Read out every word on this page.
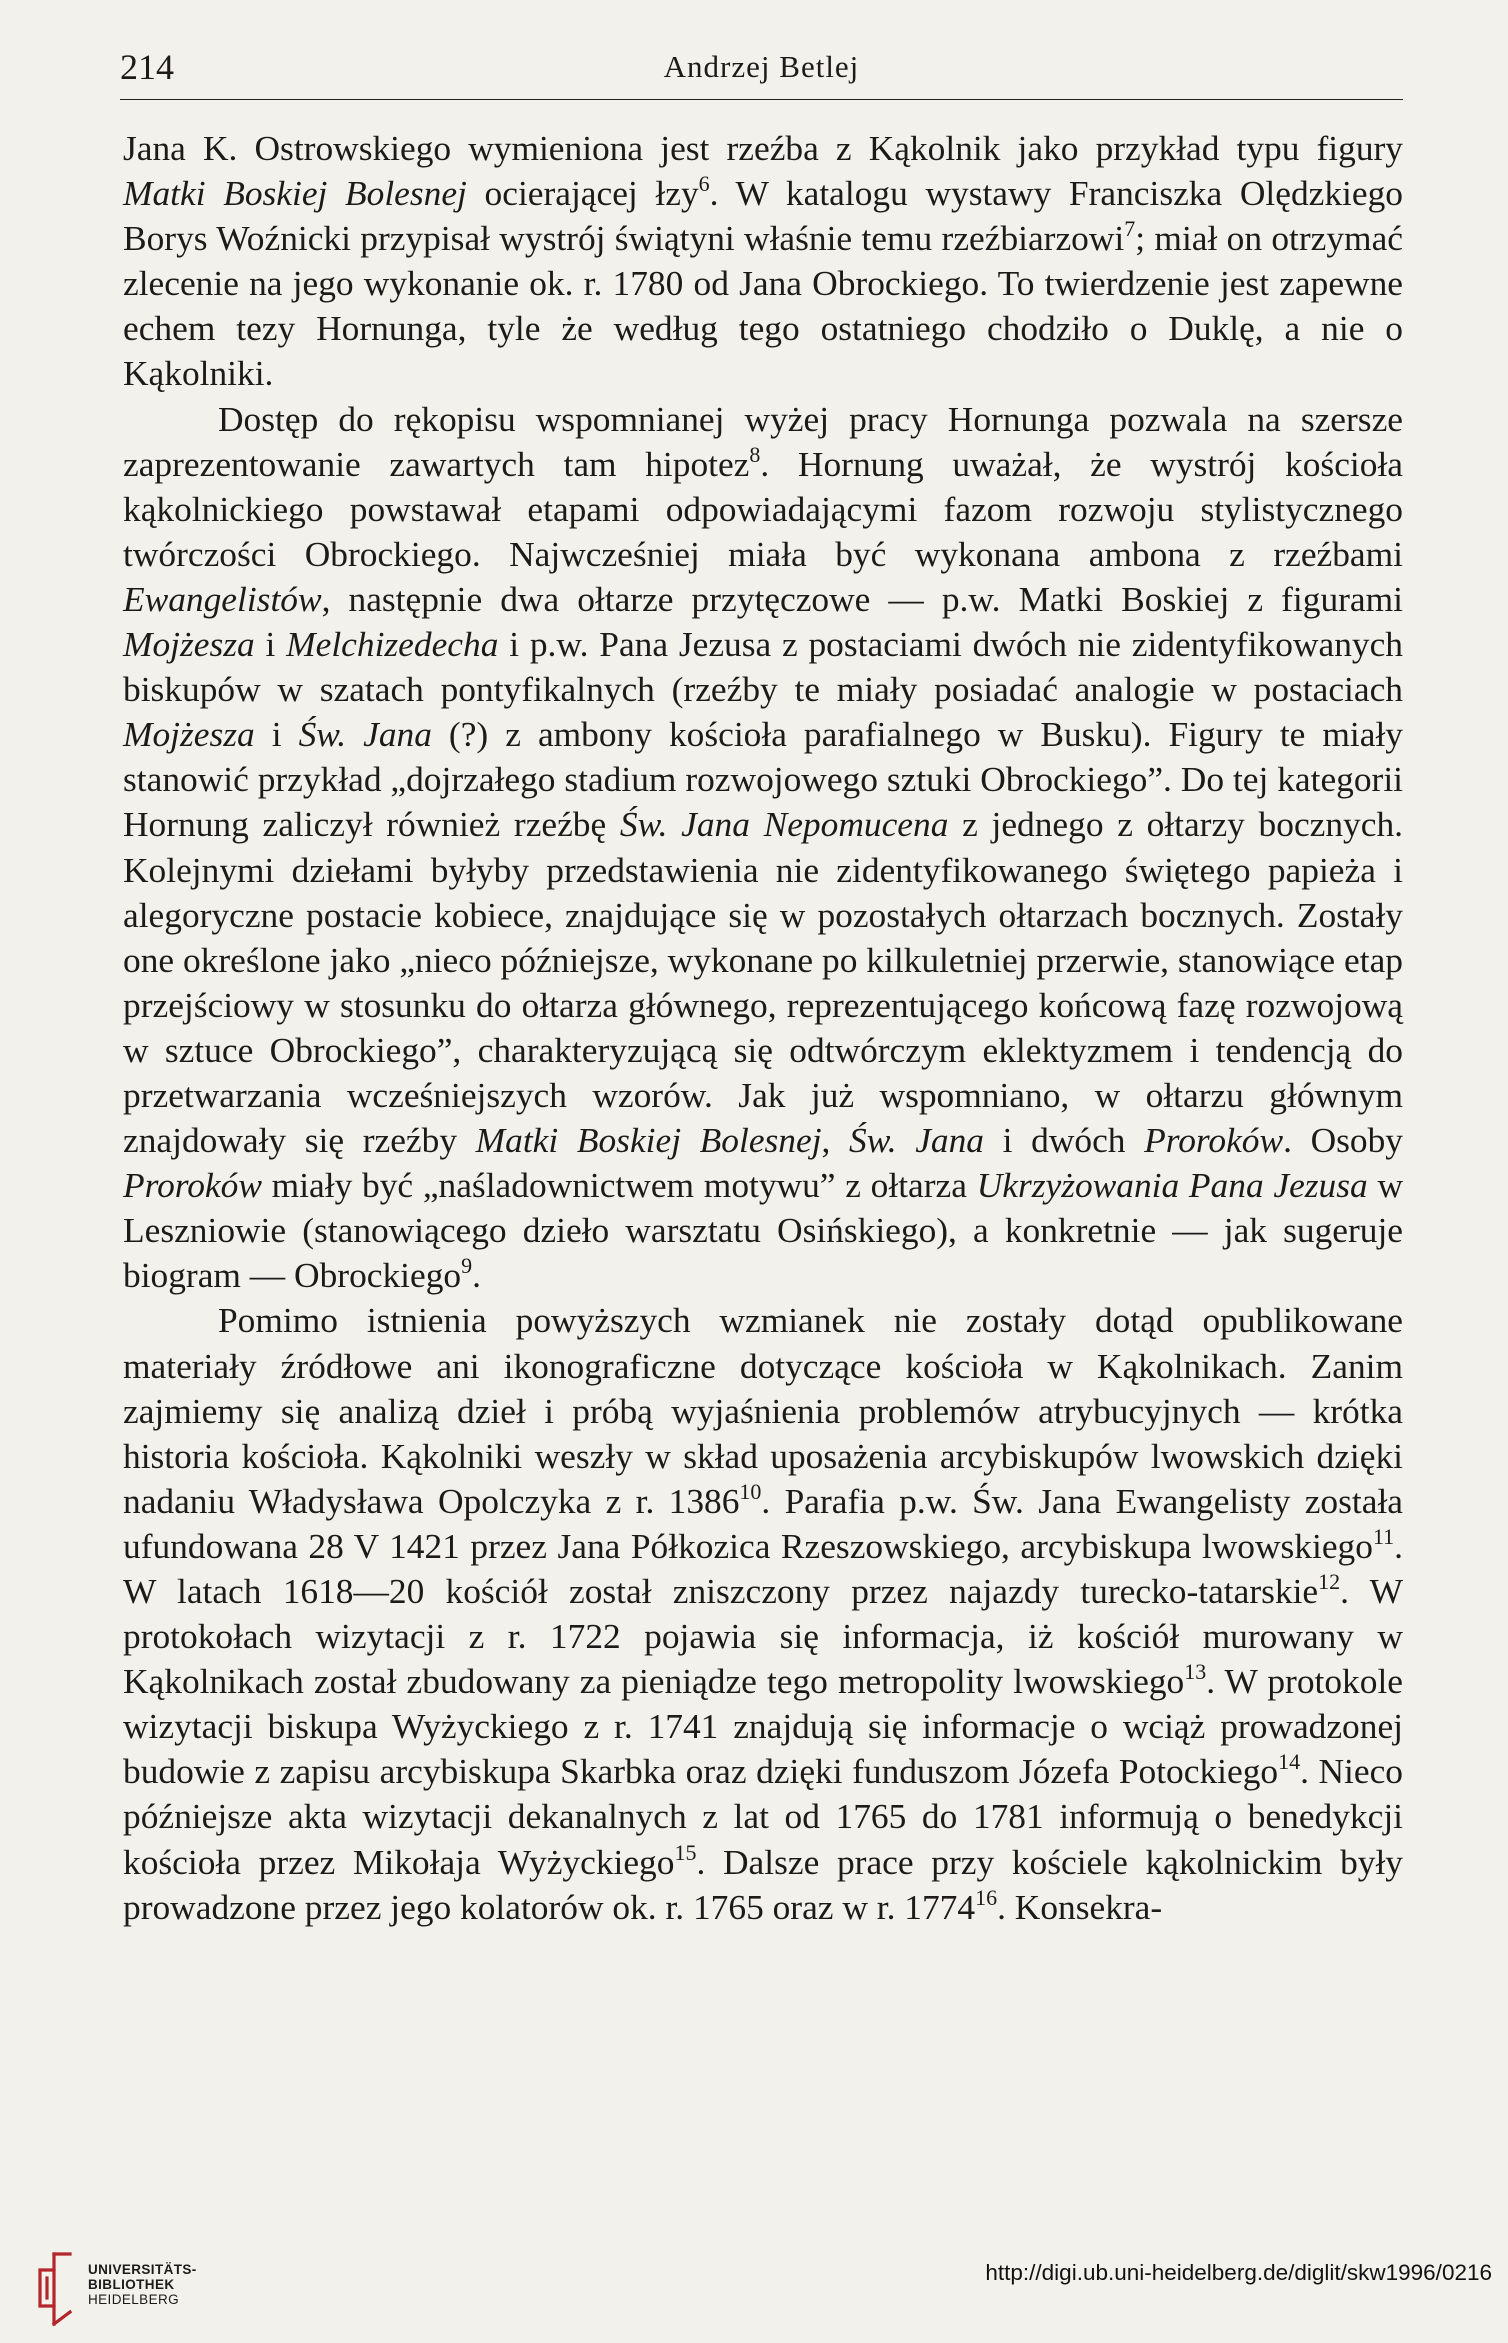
214	Andrzej Betlej

Jana K. Ostrowskiego wymieniona jest rzeźba z Kąkolnik jako przykład typu figury Matki Boskiej Bolesnej ocierającej łzy$^6$. W katalogu wystawy Franciszka Olędzkiego Borys Woźnicki przypisał wystrój świątyni właśnie temu rzeźbiarzowi$^7$; miał on otrzymać zlecenie na jego wykonanie ok. r. 1780 od Jana Obrockiego. To twierdzenie jest zapewne echem tezy Hornunga, tyle że według tego ostatniego chodziło o Duklę, a nie o Kąkolniki.

Dostęp do rękopisu wspomnianej wyżej pracy Hornunga pozwala na szersze zaprezentowanie zawartych tam hipotez$^8$. Hornung uważał, że wystrój kościoła kąkolnickiego powstawał etapami odpowiadającymi fazom rozwoju stylistycznego twórczości Obrockiego. Najwcześniej miała być wykonana ambona z rzeźbami Ewangelistów, następnie dwa ołtarze przytęczowe — p.w. Matki Boskiej z figurami Mojżesza i Melchizedecha i p.w. Pana Jezusa z postaciami dwóch nie zidentyfikowanych biskupów w szatach pontyfikalnych (rzeźby te miały posiadać analogie w postaciach Mojżesza i Św. Jana (?) z ambony kościoła parafialnego w Busku). Figury te miały stanowić przykład „dojrzałego stadium rozwojowego sztuki Obrockiego”. Do tej kategorii Hornung zaliczył również rzeźbę Św. Jana Nepomucena z jednego z ołtarzy bocznych. Kolejnymi dziełami byłyby przedstawienia nie zidentyfikowanego świętego papieża i alegoryczne postacie kobiece, znajdujące się w pozostałych ołtarzach bocznych. Zostały one określone jako „nieco późniejsze, wykonane po kilkuletniej przerwie, stanowiące etap przejściowy w stosunku do ołtarza głównego, reprezentującego końcową fazę rozwojową w sztuce Obrockiego”, charakteryzującą się odtwórczym eklektyzmem i tendencją do przetwarzania wcześniejszych wzorów. Jak już wspomniano, w ołtarzu głównym znajdowały się rzeźby Matki Boskiej Bolesnej, Św. Jana i dwóch Proroków. Osoby Proroków miały być „naśladownictwem motywu” z ołtarza Ukrzyżowania Pana Jezusa w Leszniowie (stanowiącego dzieło warsztatu Osińskiego), a konkretnie — jak sugeruje biogram — Obrockiego$^9$.

Pomimo istnienia powyższych wzmianek nie zostały dotąd opublikowane materiały źródłowe ani ikonograficzne dotyczące kościoła w Kąkolnikach. Zanim zajmiemy się analizą dzieł i próbą wyjaśnienia problemów atrybucyjnych — krótka historia kościoła. Kąkolniki weszły w skład uposażenia arcybiskupów lwowskich dzięki nadaniu Władysława Opolczyka z r. 1386$^{10}$. Parafia p.w. Św. Jana Ewangelisty została ufundowana 28 V 1421 przez Jana Półkozica Rzeszowskiego, arcybiskupa lwowskiego$^{11}$. W latach 1618—20 kościół został zniszczony przez najazdy turecko-tatarskie$^{12}$. W protokołach wizytacji z r. 1722 pojawia się informacja, iż kościół murowany w Kąkolnikach został zbudowany za pieniądze tego metropolity lwowskiego$^{13}$. W protokole wizytacji biskupa Wyżyckiego z r. 1741 znajdują się informacje o wciąż prowadzonej budowie z zapisu arcybiskupa Skarbka oraz dzięki funduszom Józefa Potockiego$^{14}$. Nieco późniejsze akta wizytacji dekanalnych z lat od 1765 do 1781 informują o benedykcji kościoła przez Mikołaja Wyżyckiego$^{15}$. Dalsze prace przy kościele kąkolnickim były prowadzone przez jego kolatorów ok. r. 1765 oraz w r. 1774$^{16}$. Konsekra-

UNIVERSITÄTS-
BIBLIOTHEK
HEIDELBERG
http://digi.ub.uni-heidelberg.de/diglit/skw1996/0216
